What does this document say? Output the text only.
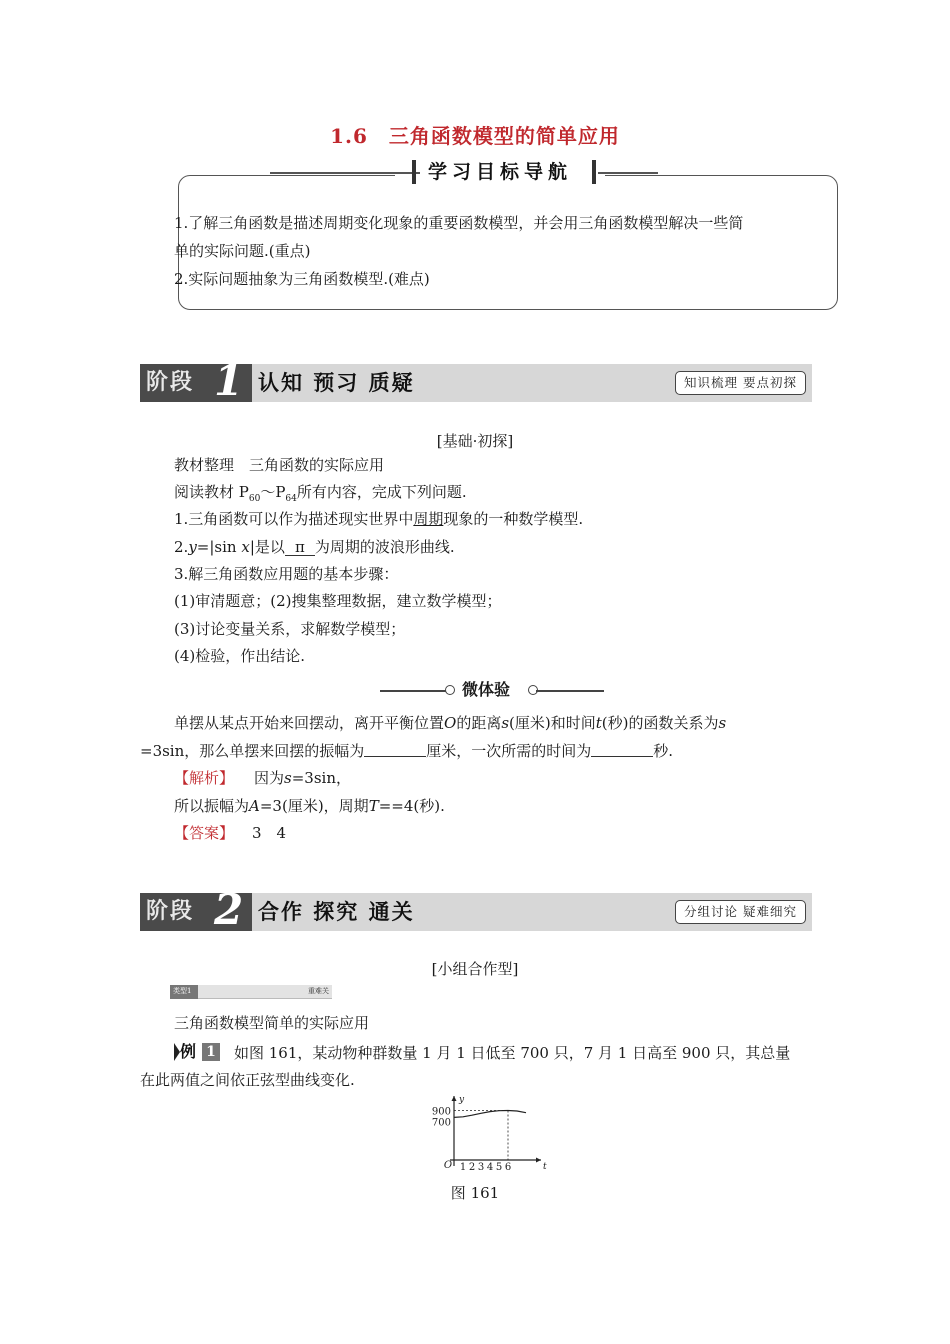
1.6　三角函数模型的简单应用
学习目标导航
1.了解三角函数是描述周期变化现象的重要函数模型，并会用三角函数模型解决一些简
单的实际问题.(重点)
2.实际问题抽象为三角函数模型.(难点)
阶段 1 认知 预习 质疑	知识梳理 要点初探
[基础·初探]
教材整理　三角函数的实际应用
阅读教材 $P_{60}\sim P_{64}$所有内容，完成下列问题.
1.三角函数可以作为描述现实世界中周期现象的一种数学模型.
2.y=|sin x|是以 π 为周期的波浪形曲线.
3.解三角函数应用题的基本步骤：
(1)审清题意；(2)搜集整理数据，建立数学模型；
(3)讨论变量关系，求解数学模型；
(4)检验，作出结论.
微体验
单摆从某点开始来回摆动，离开平衡位置O的距离s(厘米)和时间t(秒)的函数关系为s
=3sin，那么单摆来回摆的振幅为	厘米，一次所需的时间为	秒.
【解析】 因为s=3sin，
所以振幅为A=3(厘米)，周期T==4(秒).
【答案】 3　4
阶段 2 合作 探究 通关	分组讨论 疑难细究
[小组合作型]
类型1	重难关
三角函数模型简单的实际应用
例 1 如图 161，某动物种群数量 1 月 1 日低至 700 只，7 月 1 日高至 900 只，其总量
在此两值之间依正弦型曲线变化.
y
t
O
700
900
1 2 3 4 5 6
图 161
